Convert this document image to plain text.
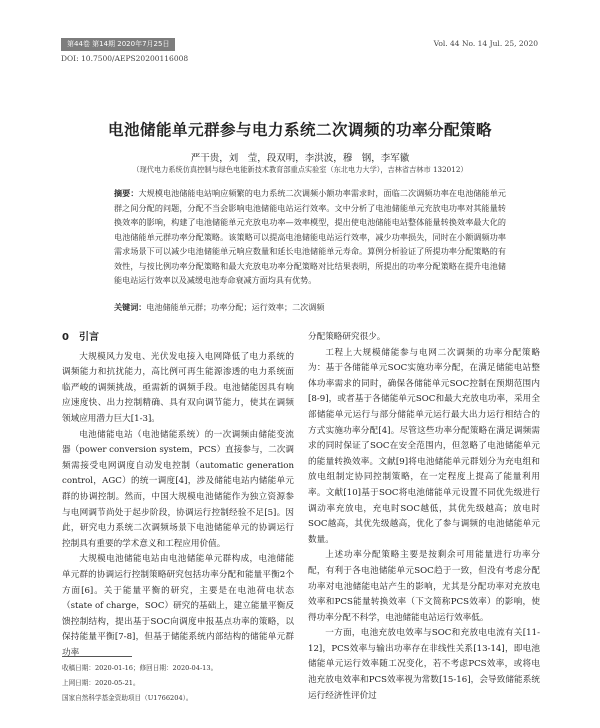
第44卷 第14期 2020年7月25日	Vol. 44 No. 14 Jul. 25, 2020
DOI: 10.7500/AEPS20200116008
电池储能单元群参与电力系统二次调频的功率分配策略
严干贵，刘　莹，段双明，李洪波，穆　钢，李军徽
（现代电力系统仿真控制与绿色电能新技术教育部重点实验室（东北电力大学），吉林省吉林市 132012）
摘要：大规模电池储能电站响应频繁的电力系统二次调频小额功率需求时，面临二次调频功率在电池储能单元群之间分配的问题，分配不当会影响电池储能电站运行效率。文中分析了电池储能单元充放电功率对其能量转换效率的影响，构建了电池储能单元充放电功率—效率模型，提出使电池储能电站整体能量转换效率最大化的电池储能单元群功率分配策略。该策略可以提高电池储能电站运行效率，减少功率损失，同时在小额调频功率需求场景下可以减少电池储能单元响应数量和延长电池储能单元寿命。算例分析验证了所提功率分配策略的有效性，与按比例功率分配策略和最大充放电功率分配策略对比结果表明，所提出的功率分配策略在提升电池储能电站运行效率以及减缓电池寿命衰减方面均具有优势。
关键词：电池储能单元群；功率分配；运行效率；二次调频

0　引言

大规模风力发电、光伏发电接入电网降低了电力系统的调频能力和抗扰能力，高比例可再生能源渗透的电力系统面临严峻的调频挑战，亟需新的调频手段。电池储能因具有响应速度快、出力控制精确、具有双向调节能力，使其在调频领域应用潜力巨大[1-3]。

电池储能电站（电池储能系统）的一次调频由储能变流器（power conversion system，PCS）直接参与，二次调频需接受电网调度自动发电控制（automatic generation control，AGC）的统一调度[4]，涉及储能电站内储能单元群的协调控制。然而，中国大规模电池储能作为独立资源参与电网调节尚处于起步阶段，协调运行控制经验不足[5]。因此，研究电力系统二次调频场景下电池储能单元的协调运行控制具有重要的学术意义和工程应用价值。

大规模电池储能电站由电池储能单元群构成，电池储能单元群的协调运行控制策略研究包括功率分配和能量平衡2个方面[6]。关于能量平衡的研究，主要是在电池荷电状态（state of charge，SOC）研究的基础上，建立能量平衡反馈控制结构，提出基于SOC向调度申报基点功率的策略，以保持能量平衡[7-8]，但基于储能系统内部结构的储能单元群功率

分配策略研究很少。

工程上大规模储能参与电网二次调频的功率分配策略为：基于各储能单元SOC实施功率分配，在满足储能电站整体功率需求的同时，确保各储能单元SOC控制在预期范围内[8-9]，或者基于各储能单元SOC和最大充放电功率，采用全部储能单元运行与部分储能单元运行最大出力运行相结合的方式实施功率分配[4]。尽管这些功率分配策略在满足调频需求的同时保证了SOC在安全范围内，但忽略了电池储能单元的能量转换效率。文献[9]将电池储能单元群划分为充电组和放电组制定协同控制策略，在一定程度上提高了能量利用率。文献[10]基于SOC将电池储能单元设置不同优先级进行调动率充放电，充电时SOC越低，其优先级越高；放电时SOC越高，其优先级越高，优化了参与调频的电池储能单元数量。

上述功率分配策略主要是按剩余可用能量进行功率分配，有利于各电池储能单元SOC趋于一致，但没有考虑分配功率对电池储能电站产生的影响，尤其是分配功率对充放电效率和PCS能量转换效率（下文简称PCS效率）的影响，使得功率分配不科学，电池储能电站运行效率低。

一方面，电池充放电效率与SOC和充放电电流有关[11-12]，PCS效率与输出功率存在非线性关系[13-14]，即电池储能单元运行效率随工况变化，若不考虑PCS效率，或将电池充放电效率和PCS效率视为常数[15-16]，会导致储能系统运行经济性评价过

收稿日期：2020-01-16；修回日期：2020-04-13。
上网日期：2020-05-21。
国家自然科学基金资助项目（U1766204）。
